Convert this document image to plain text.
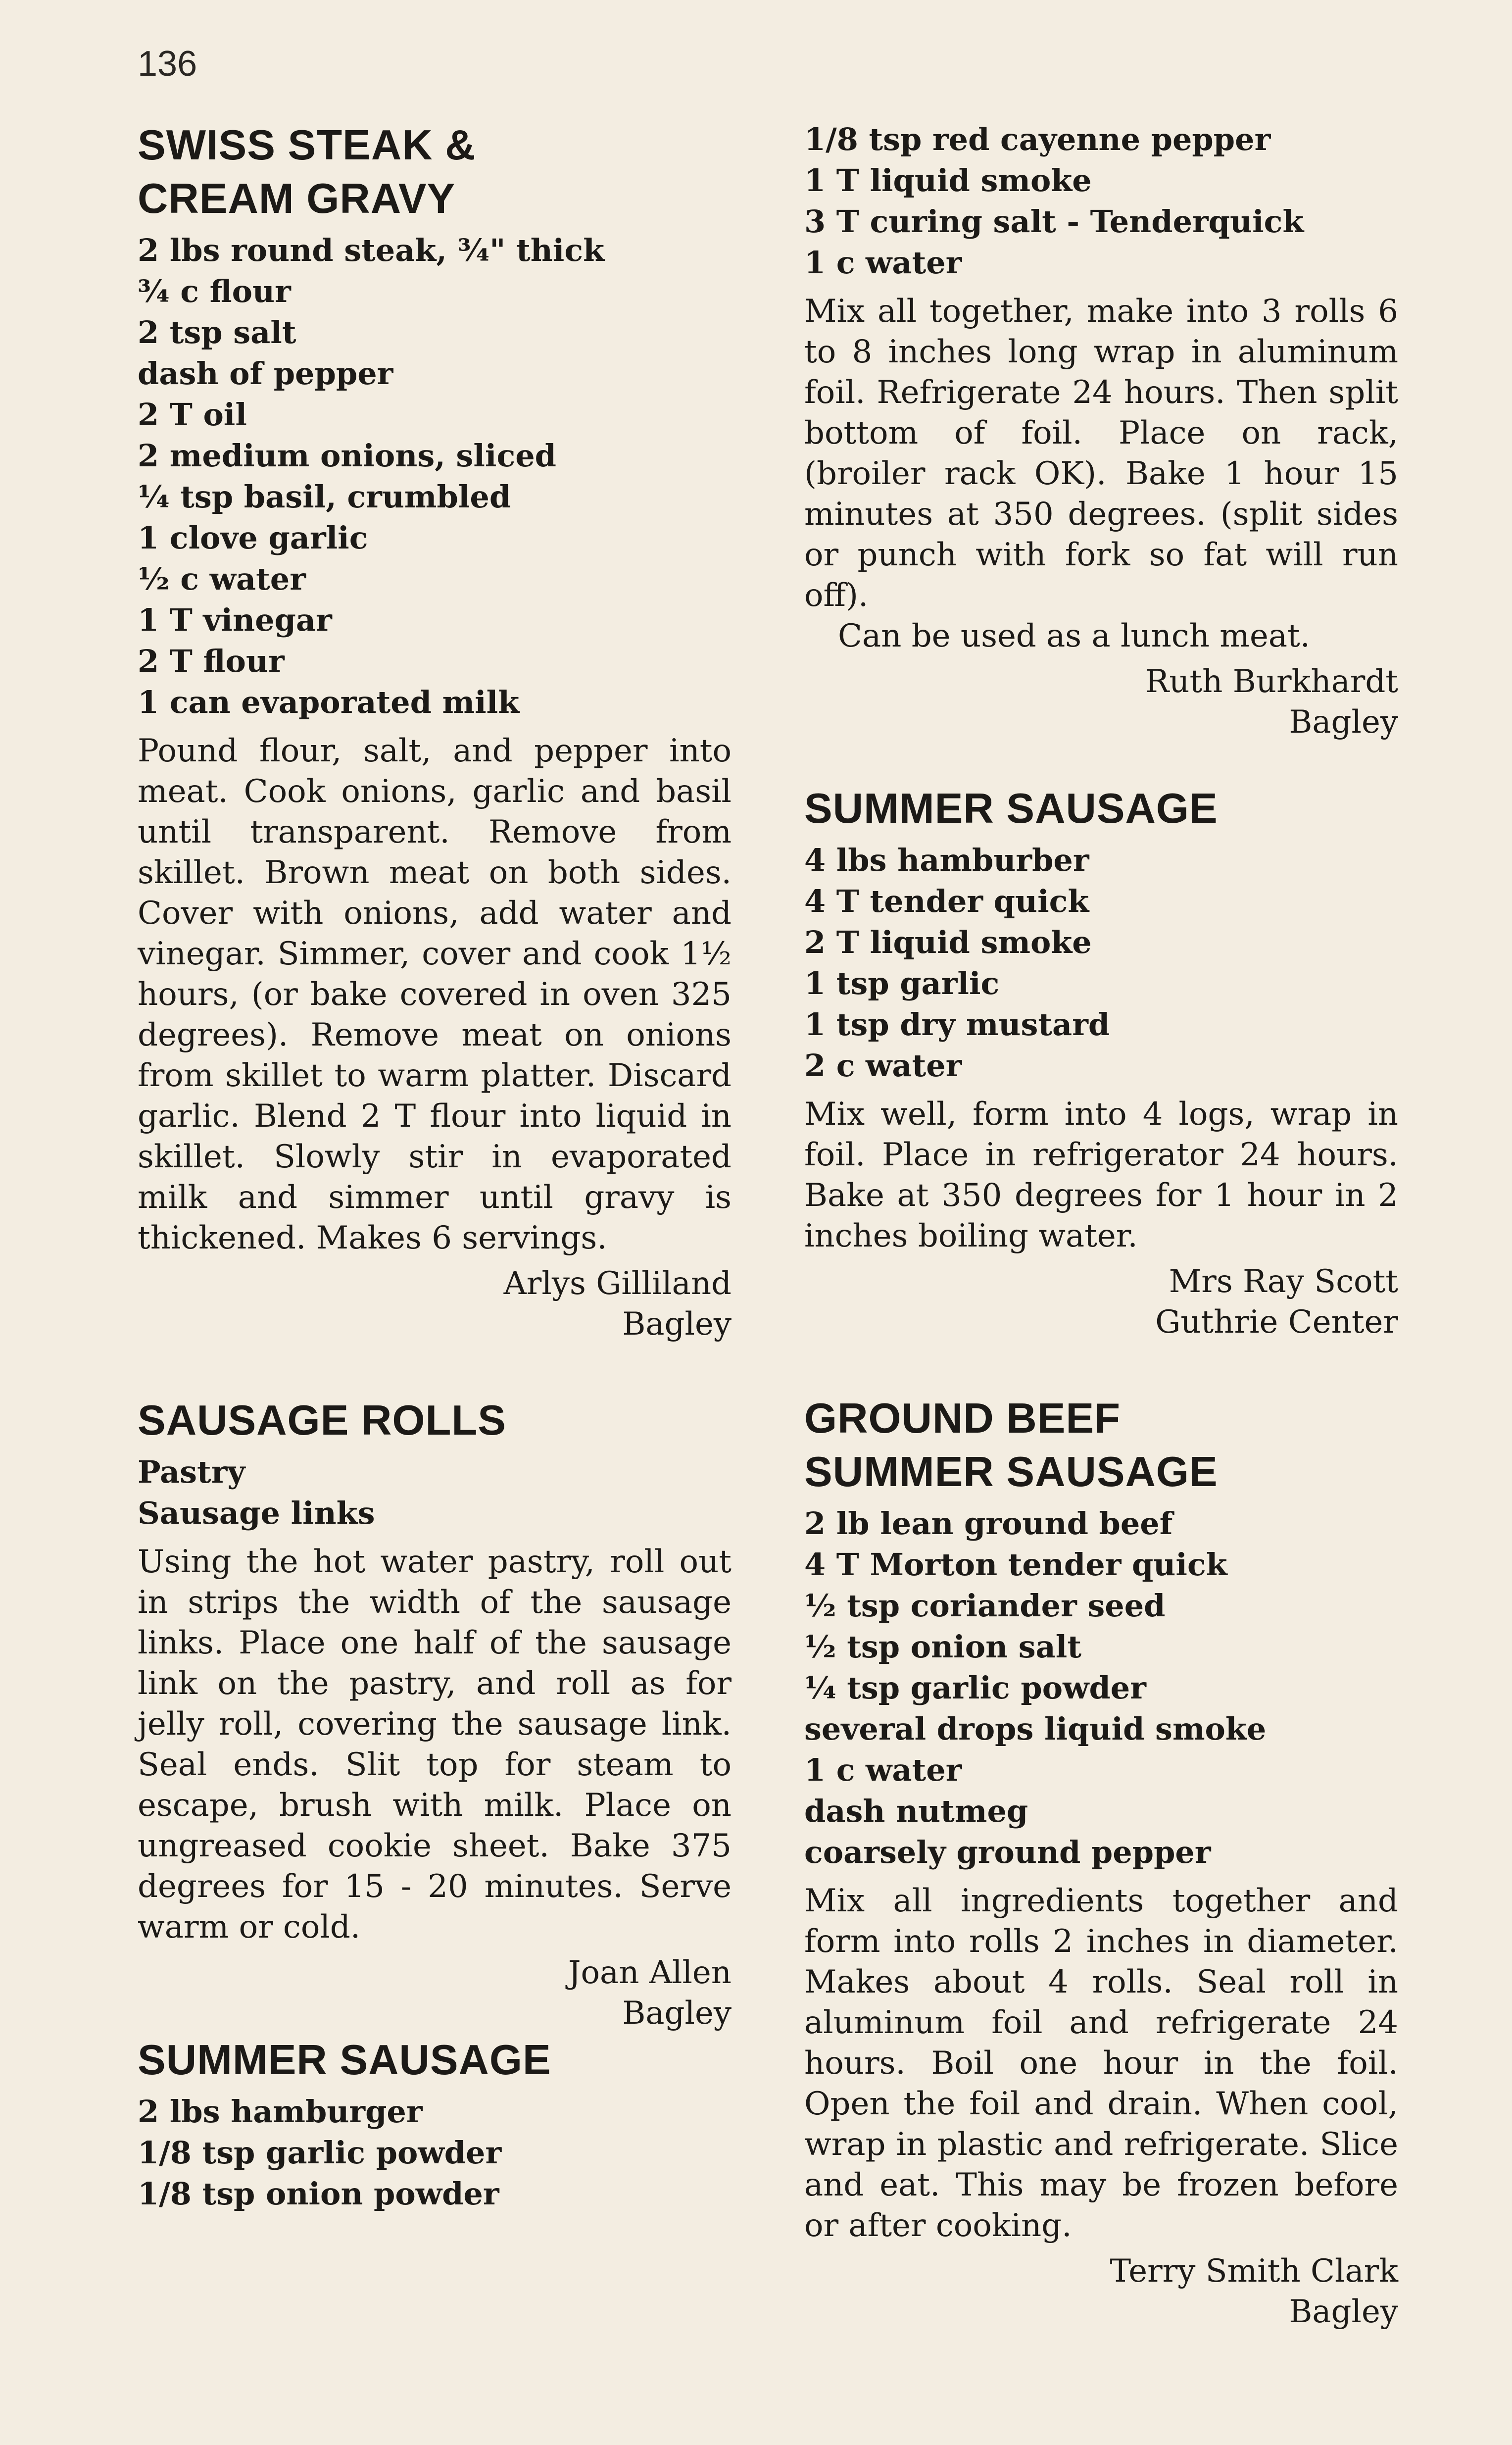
136
SWISS STEAK &
CREAM GRAVY
2 lbs round steak, ¾" thick
¾ c flour
2 tsp salt
dash of pepper
2 T oil
2 medium onions, sliced
¼ tsp basil, crumbled
1 clove garlic
½ c water
1 T vinegar
2 T flour
1 can evaporated milk

Pound flour, salt, and pepper into meat. Cook onions, garlic and basil until transparent. Remove from skillet. Brown meat on both sides. Cover with onions, add water and vinegar. Simmer, cover and cook 1½ hours, (or bake covered in oven 325 degrees). Remove meat on onions from skillet to warm platter. Discard garlic. Blend 2 T flour into liquid in skillet. Slowly stir in evaporated milk and simmer until gravy is thickened. Makes 6 servings.

Arlys Gilliland
Bagley
SAUSAGE ROLLS
Pastry
Sausage links

Using the hot water pastry, roll out in strips the width of the sausage links. Place one half of the sausage link on the pastry, and roll as for jelly roll, covering the sausage link. Seal ends. Slit top for steam to escape, brush with milk. Place on ungreased cookie sheet. Bake 375 degrees for 15 - 20 minutes. Serve warm or cold.

Joan Allen
Bagley
SUMMER SAUSAGE
2 lbs hamburger
1/8 tsp garlic powder
1/8 tsp onion powder
1/8 tsp red cayenne pepper
1 T liquid smoke
3 T curing salt - Tenderquick
1 c water

Mix all together, make into 3 rolls 6 to 8 inches long wrap in aluminum foil. Refrigerate 24 hours. Then split bottom of foil. Place on rack, (broiler rack OK). Bake 1 hour 15 minutes at 350 degrees. (split sides or punch with fork so fat will run off).

Can be used as a lunch meat.

Ruth Burkhardt
Bagley
SUMMER SAUSAGE
4 lbs hamburber
4 T tender quick
2 T liquid smoke
1 tsp garlic
1 tsp dry mustard
2 c water

Mix well, form into 4 logs, wrap in foil. Place in refrigerator 24 hours. Bake at 350 degrees for 1 hour in 2 inches boiling water.

Mrs Ray Scott
Guthrie Center
GROUND BEEF
SUMMER SAUSAGE
2 lb lean ground beef
4 T Morton tender quick
½ tsp coriander seed
½ tsp onion salt
¼ tsp garlic powder
several drops liquid smoke
1 c water
dash nutmeg
coarsely ground pepper

Mix all ingredients together and form into rolls 2 inches in diameter. Makes about 4 rolls. Seal roll in aluminum foil and refrigerate 24 hours. Boil one hour in the foil. Open the foil and drain. When cool, wrap in plastic and refrigerate. Slice and eat. This may be frozen before or after cooking.

Terry Smith Clark
Bagley
